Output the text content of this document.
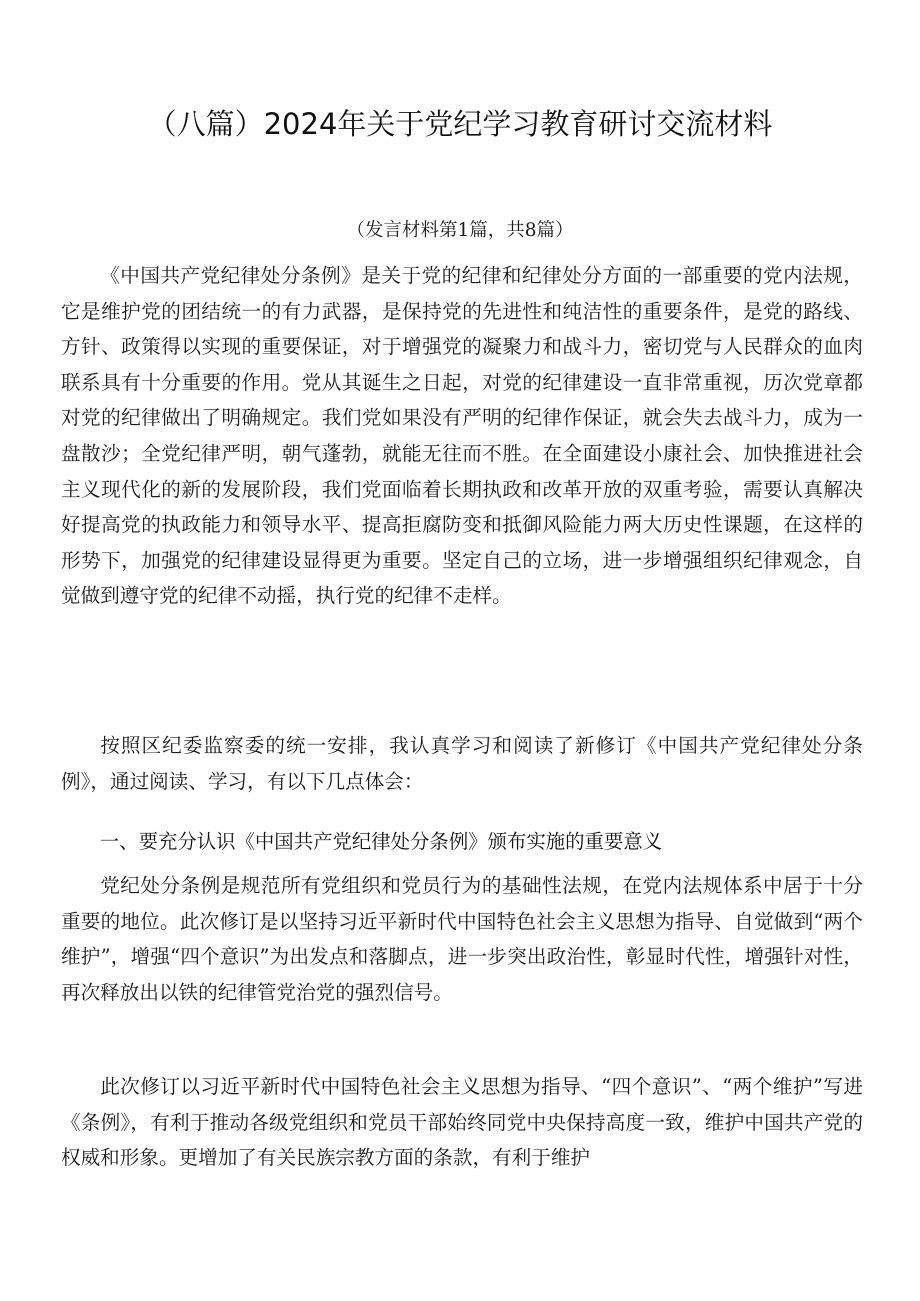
（八篇）2024年关于党纪学习教育研讨交流材料
（发言材料第1篇，共8篇）

《中国共产党纪律处分条例》是关于党的纪律和纪律处分方面的一部重要的党内法规，它是维护党的团结统一的有力武器，是保持党的先进性和纯洁性的重要条件，是党的路线、方针、政策得以实现的重要保证，对于增强党的凝聚力和战斗力，密切党与人民群众的血肉联系具有十分重要的作用。党从其诞生之日起，对党的纪律建设一直非常重视，历次党章都对党的纪律做出了明确规定。我们党如果没有严明的纪律作保证，就会失去战斗力，成为一盘散沙；全党纪律严明，朝气蓬勃，就能无往而不胜。在全面建设小康社会、加快推进社会主义现代化的新的发展阶段，我们党面临着长期执政和改革开放的双重考验，需要认真解决好提高党的执政能力和领导水平、提高拒腐防变和抵御风险能力两大历史性课题，在这样的形势下，加强党的纪律建设显得更为重要。坚定自己的立场，进一步增强组织纪律观念，自觉做到遵守党的纪律不动摇，执行党的纪律不走样。

按照区纪委监察委的统一安排，我认真学习和阅读了新修订《中国共产党纪律处分条例》，通过阅读、学习，有以下几点体会：

一、要充分认识《中国共产党纪律处分条例》颁布实施的重要意义

党纪处分条例是规范所有党组织和党员行为的基础性法规，在党内法规体系中居于十分重要的地位。此次修订是以坚持习近平新时代中国特色社会主义思想为指导、自觉做到“两个维护”，增强“四个意识”为出发点和落脚点，进一步突出政治性，彰显时代性，增强针对性，再次释放出以铁的纪律管党治党的强烈信号。

此次修订以习近平新时代中国特色社会主义思想为指导、“四个意识”、“两个维护”写进《条例》，有利于推动各级党组织和党员干部始终同党中央保持高度一致，维护中国共产党的权威和形象。更增加了有关民族宗教方面的条款，有利于维护
